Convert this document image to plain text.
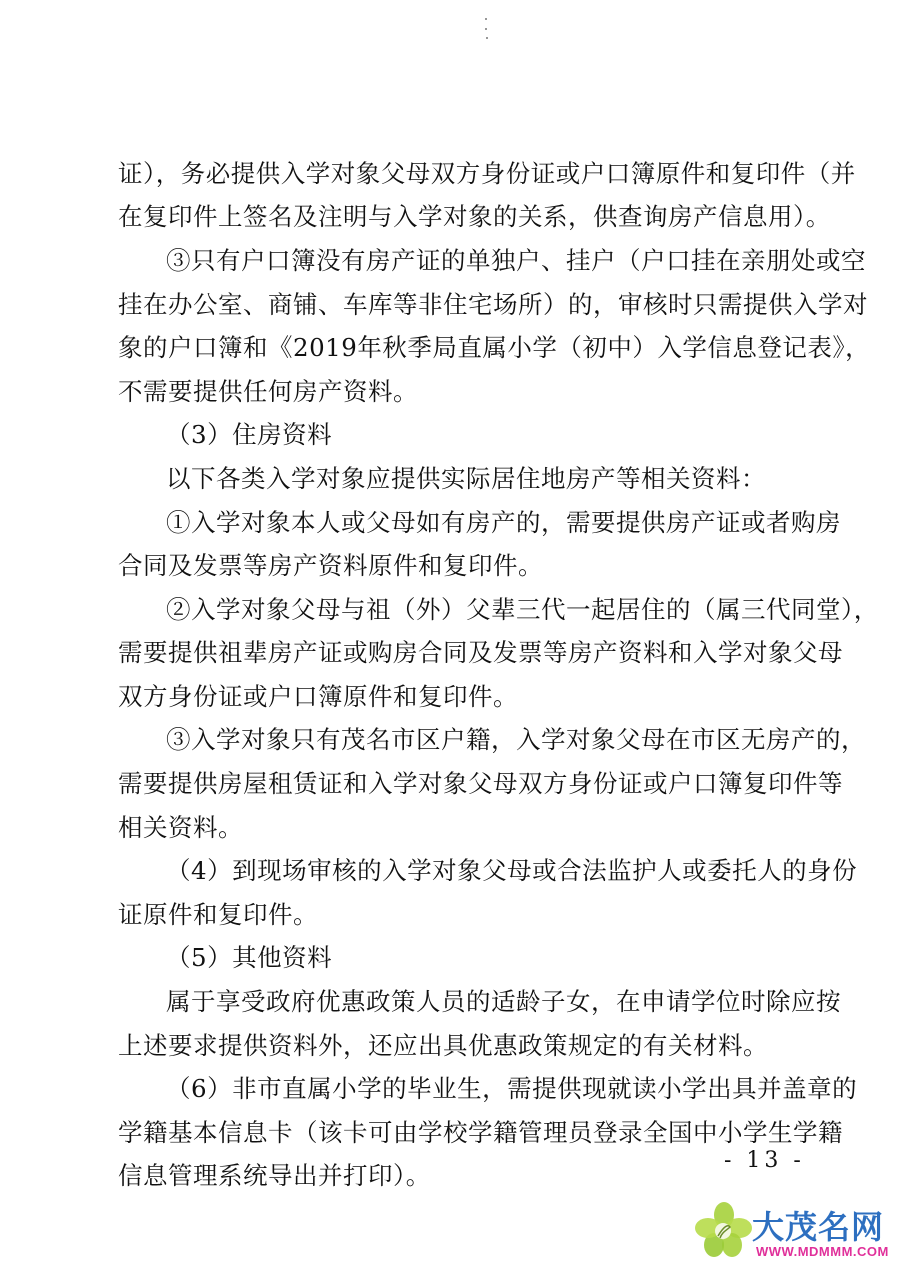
证），务必提供入学对象父母双方身份证或户口簿原件和复印件（并
在复印件上签名及注明与入学对象的关系，供查询房产信息用）。
③只有户口簿没有房产证的单独户、挂户（户口挂在亲朋处或空
挂在办公室、商铺、车库等非住宅场所）的，审核时只需提供入学对
象的户口簿和《2019年秋季局直属小学（初中）入学信息登记表》，
不需要提供任何房产资料。
（3）住房资料
以下各类入学对象应提供实际居住地房产等相关资料：
①入学对象本人或父母如有房产的，需要提供房产证或者购房
合同及发票等房产资料原件和复印件。
②入学对象父母与祖（外）父辈三代一起居住的（属三代同堂），
需要提供祖辈房产证或购房合同及发票等房产资料和入学对象父母
双方身份证或户口簿原件和复印件。
③入学对象只有茂名市区户籍，入学对象父母在市区无房产的，
需要提供房屋租赁证和入学对象父母双方身份证或户口簿复印件等
相关资料。
（4）到现场审核的入学对象父母或合法监护人或委托人的身份
证原件和复印件。
（5）其他资料
属于享受政府优惠政策人员的适龄子女，在申请学位时除应按
上述要求提供资料外，还应出具优惠政策规定的有关材料。
（6）非市直属小学的毕业生，需提供现就读小学出具并盖章的
学籍基本信息卡（该卡可由学校学籍管理员登录全国中小学生学籍
信息管理系统导出并打印）。
- 13 -
大茂名网
WWW.MDMMM.COM
